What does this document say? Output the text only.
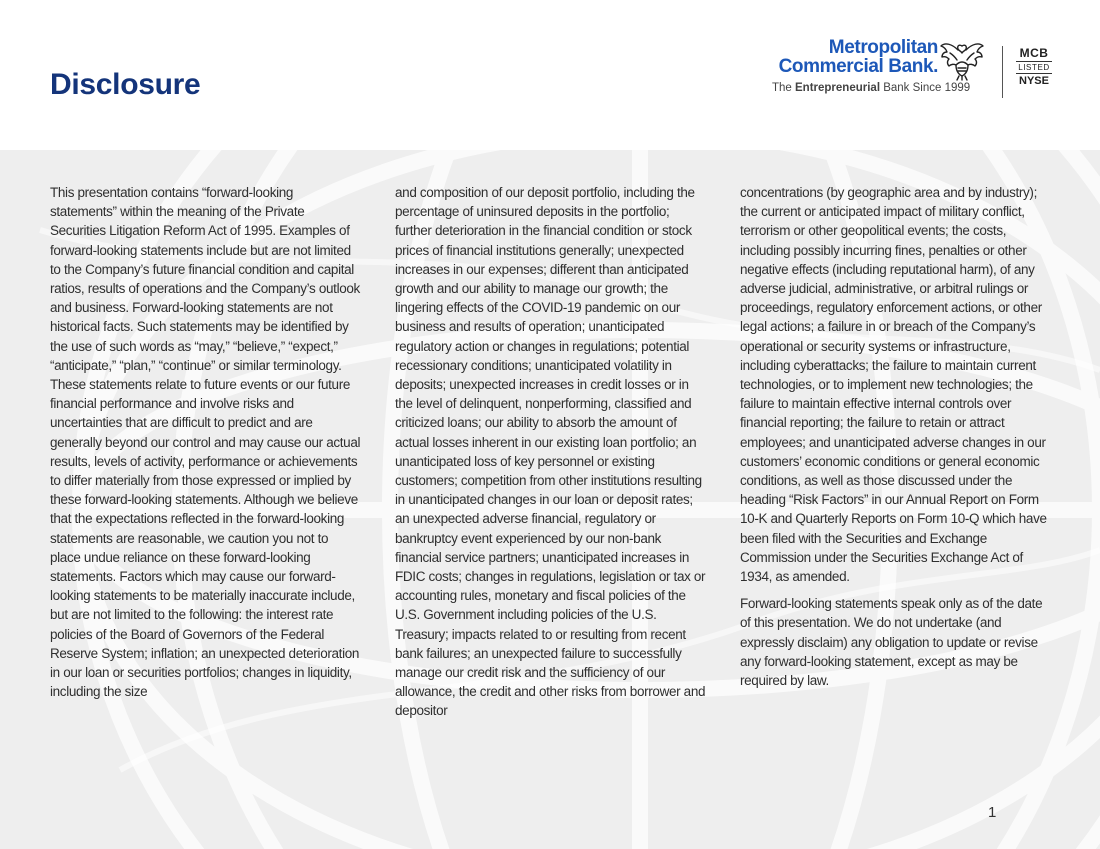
Disclosure
Metropolitan
Commercial Bank.
The Entrepreneurial Bank Since 1999
MCB
LISTED
NYSE

This presentation contains “forward-looking statements” within the meaning of the Private Securities Litigation Reform Act of 1995. Examples of forward-looking statements include but are not limited to the Company’s future financial condition and capital ratios, results of operations and the Company’s outlook and business. Forward-looking statements are not historical facts. Such statements may be identified by the use of such words as “may,” “believe,” “expect,” “anticipate,” “plan,” “continue” or similar terminology. These statements relate to future events or our future financial performance and involve risks and uncertainties that are difficult to predict and are generally beyond our control and may cause our actual results, levels of activity, performance or achievements to differ materially from those expressed or implied by these forward-looking statements. Although we believe that the expectations reflected in the forward-looking statements are reasonable, we caution you not to place undue reliance on these forward-looking statements. Factors which may cause our forward-looking statements to be materially inaccurate include, but are not limited to the following: the interest rate policies of the Board of Governors of the Federal Reserve System; inflation; an unexpected deterioration in our loan or securities portfolios; changes in liquidity, including the size

and composition of our deposit portfolio, including the percentage of uninsured deposits in the portfolio; further deterioration in the financial condition or stock prices of financial institutions generally; unexpected increases in our expenses; different than anticipated growth and our ability to manage our growth; the lingering effects of the COVID-19 pandemic on our business and results of operation; unanticipated regulatory action or changes in regulations; potential recessionary conditions; unanticipated volatility in deposits; unexpected increases in credit losses or in the level of delinquent, nonperforming, classified and criticized loans; our ability to absorb the amount of actual losses inherent in our existing loan portfolio; an unanticipated loss of key personnel or existing customers; competition from other institutions resulting in unanticipated changes in our loan or deposit rates; an unexpected adverse financial, regulatory or bankruptcy event experienced by our non-bank financial service partners; unanticipated increases in FDIC costs; changes in regulations, legislation or tax or accounting rules, monetary and fiscal policies of the U.S. Government including policies of the U.S. Treasury; impacts related to or resulting from recent bank failures; an unexpected failure to successfully manage our credit risk and the sufficiency of our allowance, the credit and other risks from borrower and depositor

concentrations (by geographic area and by industry); the current or anticipated impact of military conflict, terrorism or other geopolitical events; the costs, including possibly incurring fines, penalties or other negative effects (including reputational harm), of any adverse judicial, administrative, or arbitral rulings or proceedings, regulatory enforcement actions, or other legal actions; a failure in or breach of the Company’s operational or security systems or infrastructure, including cyberattacks; the failure to maintain current technologies, or to implement new technologies; the failure to maintain effective internal controls over financial reporting; the failure to retain or attract employees; and unanticipated adverse changes in our customers’ economic conditions or general economic conditions, as well as those discussed under the heading “Risk Factors” in our Annual Report on Form 10-K and Quarterly Reports on Form 10-Q which have been filed with the Securities and Exchange Commission under the Securities Exchange Act of 1934, as amended.

Forward-looking statements speak only as of the date of this presentation. We do not undertake (and expressly disclaim) any obligation to update or revise any forward-looking statement, except as may be required by law.

1
